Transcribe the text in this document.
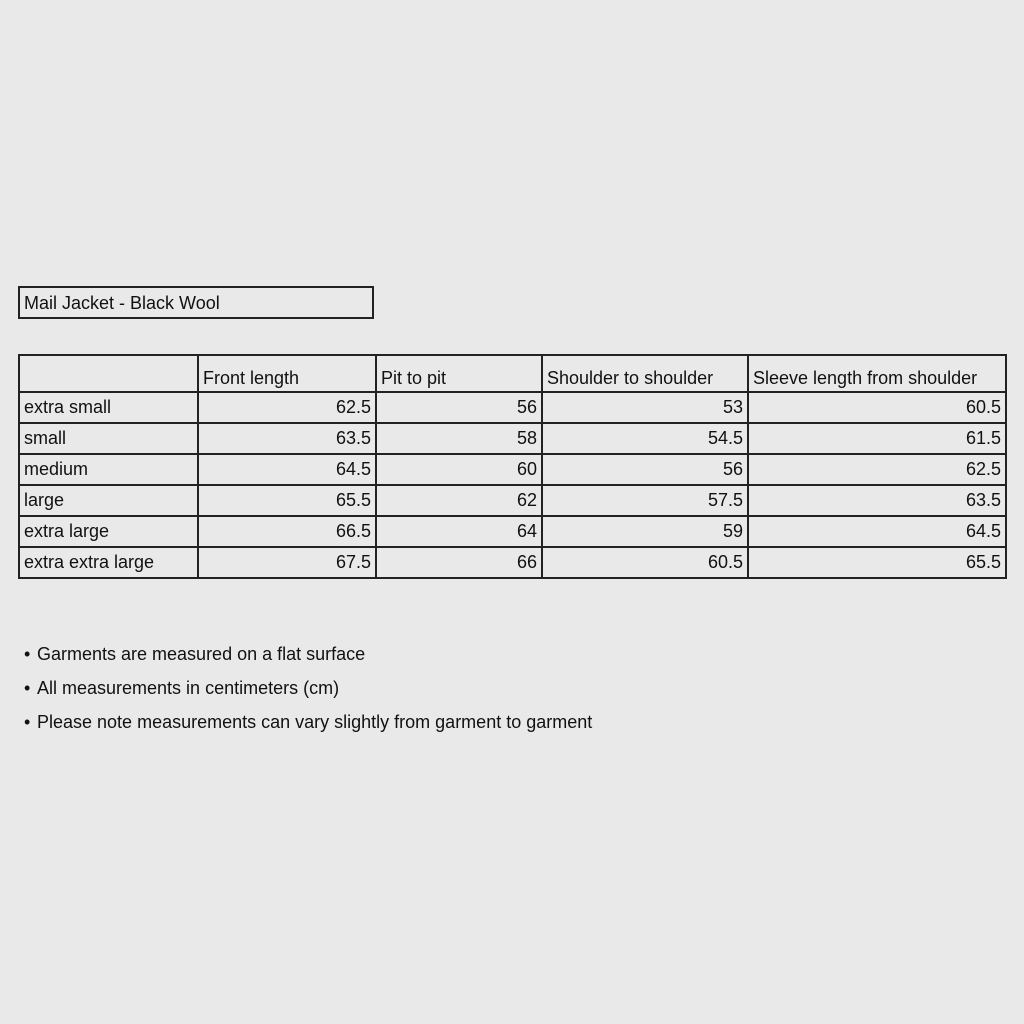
Mail Jacket - Black Wool
	Front length	Pit to pit	Shoulder to shoulder	Sleeve length from shoulder
extra small	62.5	56	53	60.5
small	63.5	58	54.5	61.5
medium	64.5	60	56	62.5
large	65.5	62	57.5	63.5
extra large	66.5	64	59	64.5
extra extra large	67.5	66	60.5	65.5
• Garments are measured on a flat surface
• All measurements in centimeters (cm)
• Please note measurements can vary slightly from garment to garment
